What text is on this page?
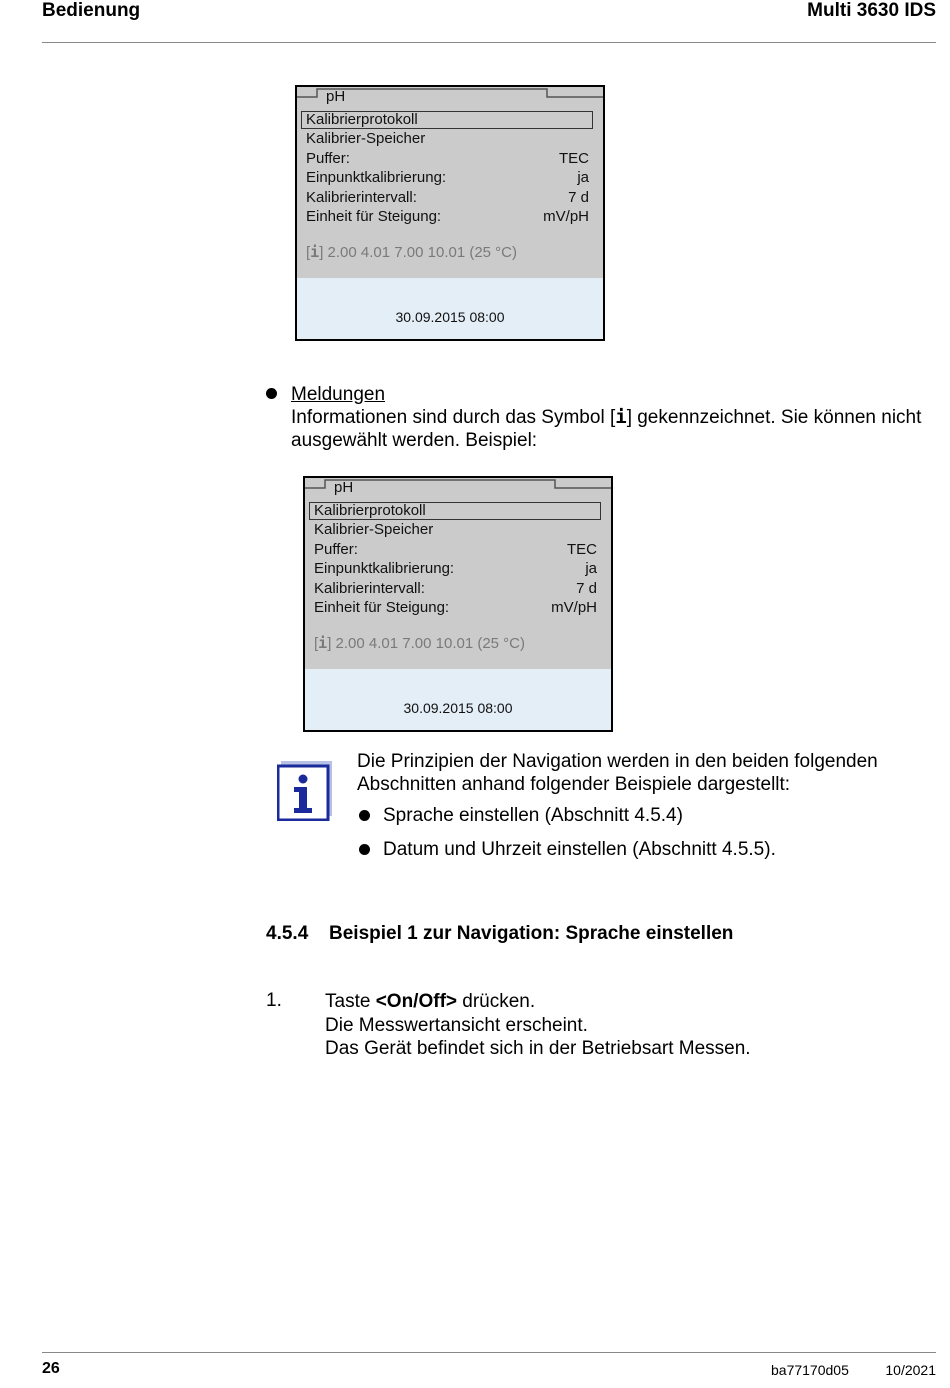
Bedienung	Multi 3630 IDS
pH
Kalibrierprotokoll
Kalibrier-Speicher
Puffer:	TEC
Einpunktkalibrierung:	ja
Kalibrierintervall:	7 d
Einheit für Steigung:	mV/pH
[i] 2.00 4.01 7.00 10.01 (25 °C)
30.09.2015 08:00
Meldungen
Informationen sind durch das Symbol [i] gekennzeichnet. Sie können nicht
ausgewählt werden. Beispiel:
pH
Kalibrierprotokoll
Kalibrier-Speicher
Puffer:	TEC
Einpunktkalibrierung:	ja
Kalibrierintervall:	7 d
Einheit für Steigung:	mV/pH
[i] 2.00 4.01 7.00 10.01 (25 °C)
30.09.2015 08:00
Die Prinzipien der Navigation werden in den beiden folgenden
Abschnitten anhand folgender Beispiele dargestellt:
Sprache einstellen (Abschnitt 4.5.4)
Datum und Uhrzeit einstellen (Abschnitt 4.5.5).
4.5.4 Beispiel 1 zur Navigation: Sprache einstellen
1. Taste <On/Off> drücken.
Die Messwertansicht erscheint.
Das Gerät befindet sich in der Betriebsart Messen.
26	ba77170d05	10/2021
